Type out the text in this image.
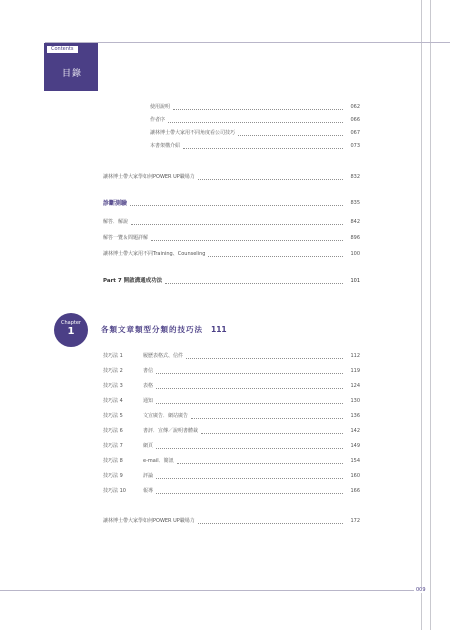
Contents
目錄
使用說明	062
作者序	066
讓林博士帶大家用不同角度看公司技巧	067
本書架構介紹	073
讓林博士帶大家學如何POWER UP職場力	832
診斷測驗	835
解答．解說	842
解答一覽＆問題詳解	896
讓林博士帶大家用不同Training、Counseling	100
Part 7 開啟溝通成功法	101
Chapter
1	各類文章類型分類的技巧法 111
技巧法 1	履歷表格式、信件	112
技巧法 2	書信	119
技巧法 3	表格	124
技巧法 4	通知	130
技巧法 5	文宣廣告．網站廣告	136
技巧法 6	書評．宣傳／說明書體裁	142
技巧法 7	網頁	149
技巧法 8	e-mail．簡訊	154
技巧法 9	評論	160
技巧法 10	報導	166
讓林博士帶大家學如何POWER UP職場力	172
009
